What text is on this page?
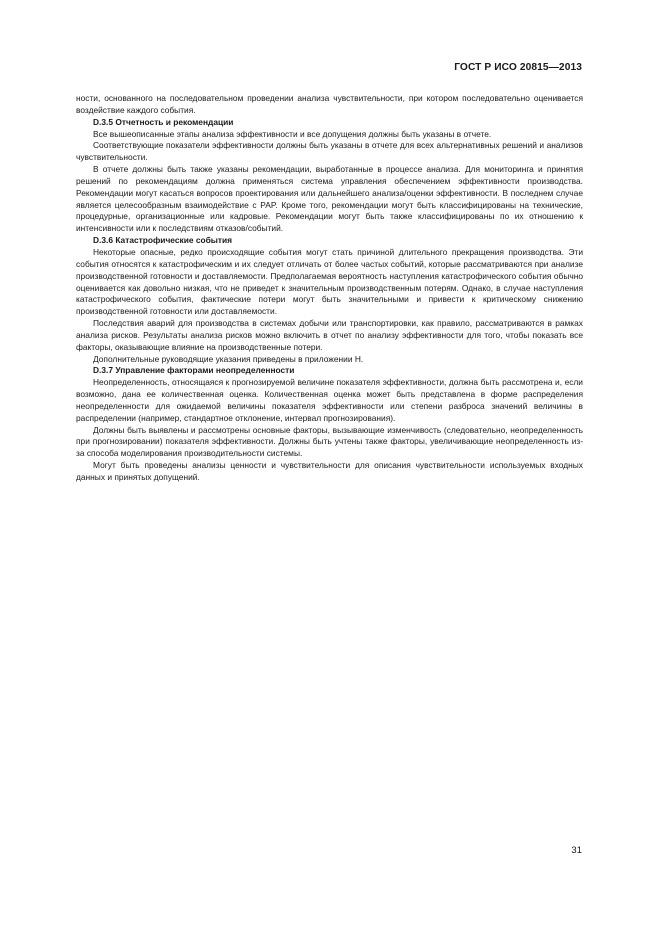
ГОСТ Р ИСО 20815—2013

ности, основанного на последовательном проведении анализа чувствительности, при котором последовательно оценивается воздействие каждого события.

D.3.5 Отчетность и рекомендации

Все вышеописанные этапы анализа эффективности и все допущения должны быть указаны в отчете.

Соответствующие показатели эффективности должны быть указаны в отчете для всех альтернативных решений и анализов чувствительности.

В отчете должны быть также указаны рекомендации, выработанные в процессе анализа. Для мониторинга и принятия решений по рекомендациям должна применяться система управления обеспечением эффективности производства. Рекомендации могут касаться вопросов проектирования или дальнейшего анализа/оценки эффективности. В последнем случае является целесообразным взаимодействие с PAP. Кроме того, рекомендации могут быть классифицированы на технические, процедурные, организационные или кадровые. Рекомендации могут быть также классифицированы по их отношению к интенсивности или к последствиям отказов/событий.

D.3.6 Катастрофические события

Некоторые опасные, редко происходящие события могут стать причиной длительного прекращения производства. Эти события относятся к катастрофическим и их следует отличать от более частых событий, которые рассматриваются при анализе производственной готовности и доставляемости. Предполагаемая вероятность наступления катастрофического события обычно оценивается как довольно низкая, что не приведет к значительным производственным потерям. Однако, в случае наступления катастрофического события, фактические потери могут быть значительными и привести к критическому снижению производственной готовности или доставляемости.

Последствия аварий для производства в системах добычи или транспортировки, как правило, рассматриваются в рамках анализа рисков. Результаты анализа рисков можно включить в отчет по анализу эффективности для того, чтобы показать все факторы, оказывающие влияние на производственные потери.

Дополнительные руководящие указания приведены в приложении Н.

D.3.7 Управление факторами неопределенности

Неопределенность, относящаяся к прогнозируемой величине показателя эффективности, должна быть рассмотрена и, если возможно, дана ее количественная оценка. Количественная оценка может быть представлена в форме распределения неопределенности для ожидаемой величины показателя эффективности или степени разброса значений величины в распределении (например, стандартное отклонение, интервал прогнозирования).

Должны быть выявлены и рассмотрены основные факторы, вызывающие изменчивость (следовательно, неопределенность при прогнозировании) показателя эффективности. Должны быть учтены также факторы, увеличивающие неопределенность из-за способа моделирования производительности системы.

Могут быть проведены анализы ценности и чувствительности для описания чувствительности используемых входных данных и принятых допущений.

31
